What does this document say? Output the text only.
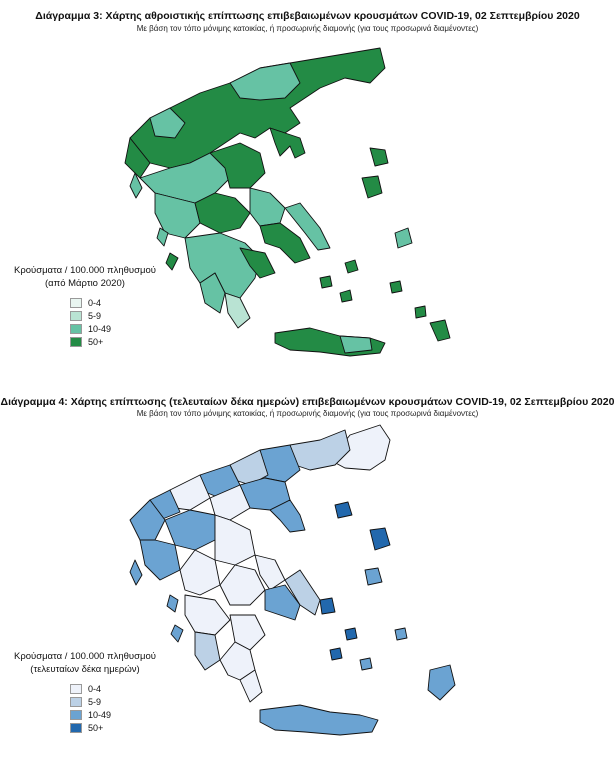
Διάγραμμα 3: Χάρτης αθροιστικής επίπτωσης επιβεβαιωμένων κρουσμάτων COVID-19, 02 Σεπτεμβρίου 2020
Με βάση τον τόπο μόνιμης κατοικίας, ή προσωρινής διαμονής (για τους προσωρινά διαμένοντες)
Κρούσματα / 100.000 πληθυσμού
(από Μάρτιο 2020)
0-4
5-9
10-49
50+
Διάγραμμα 4: Χάρτης επίπτωσης (τελευταίων δέκα ημερών) επιβεβαιωμένων κρουσμάτων COVID-19, 02 Σεπτεμβρίου 2020
Με βάση τον τόπο μόνιμης κατοικίας, ή προσωρινής διαμονής (για τους προσωρινά διαμένοντες)
Κρούσματα / 100.000 πληθυσμού
(τελευταίων δέκα ημερών)
0-4
5-9
10-49
50+
